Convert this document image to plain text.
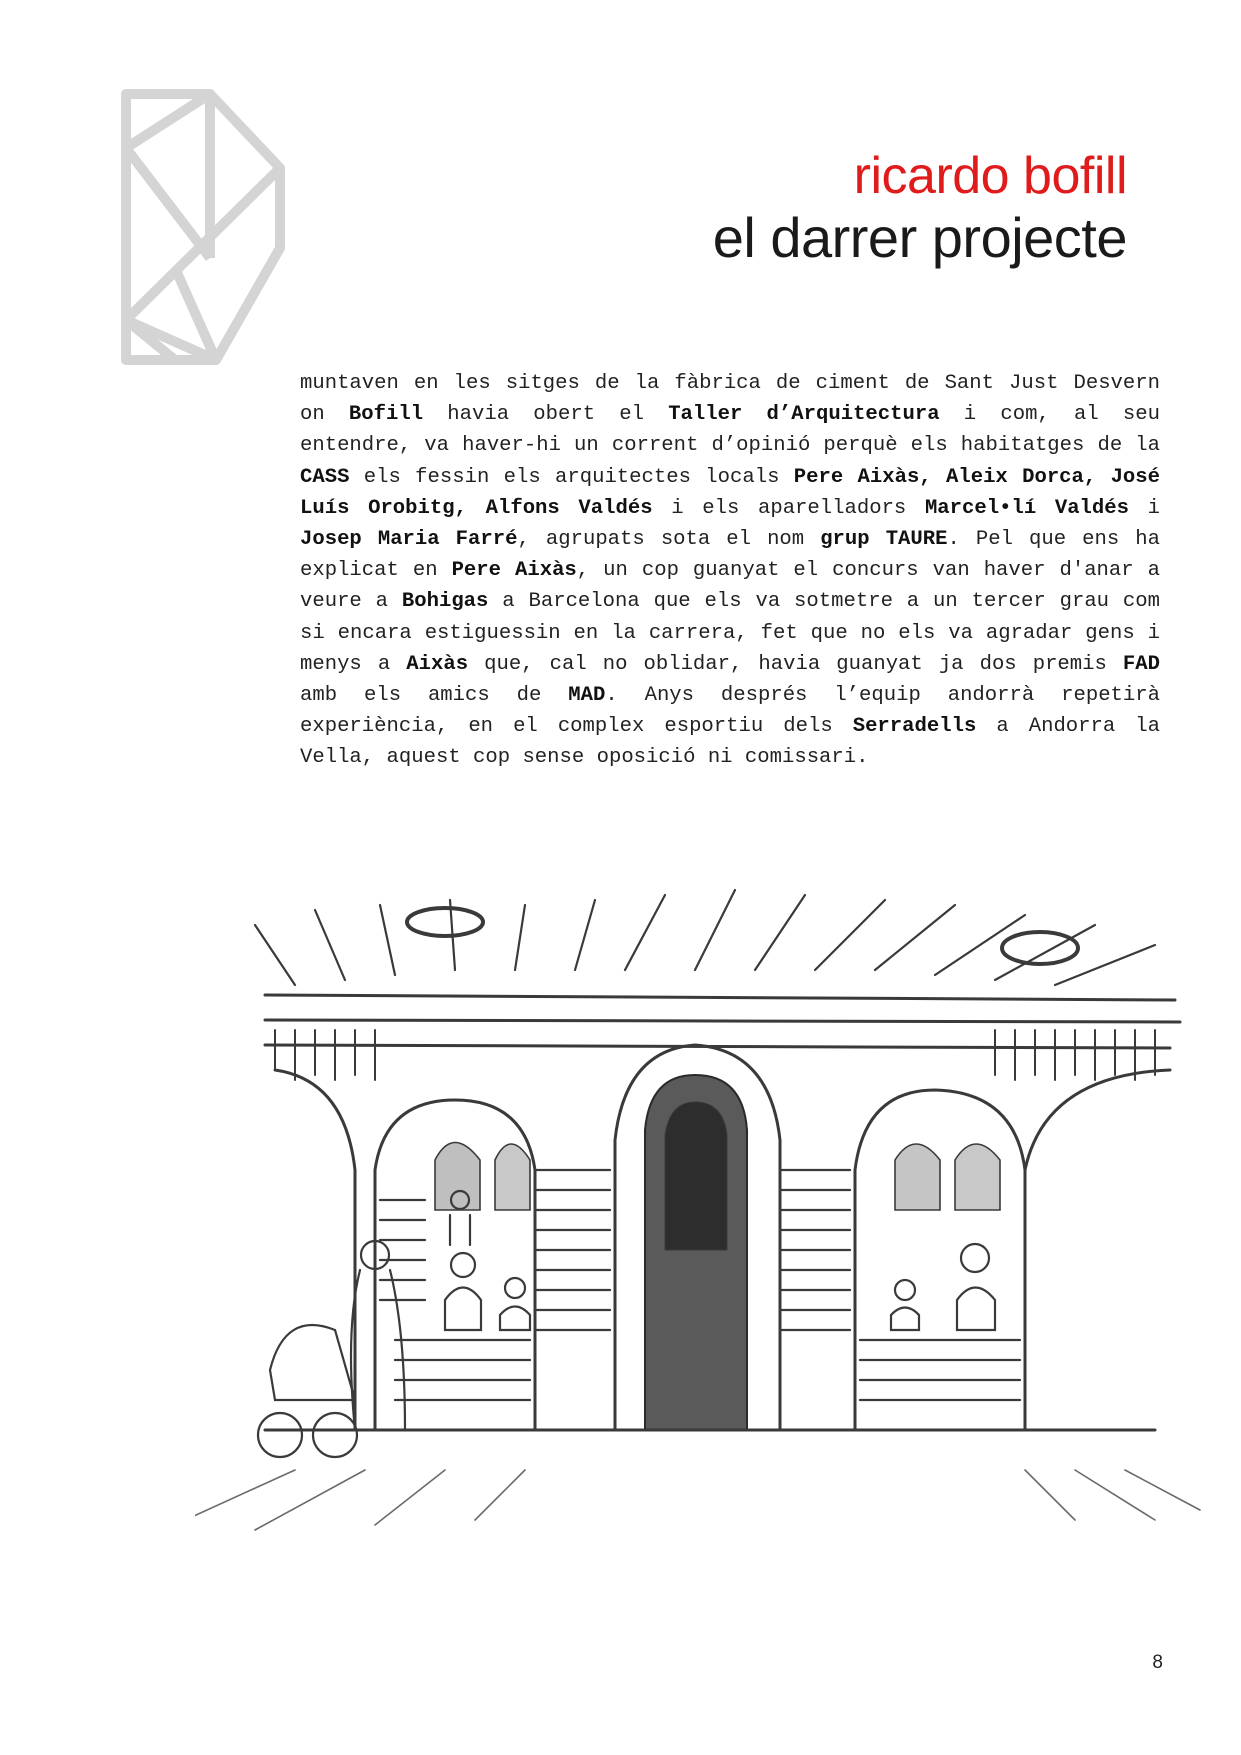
ricardo bofill
el darrer projecte
muntaven en les sitges de la fàbrica de ciment de Sant Just Desvern on Bofill havia obert el Taller d’Arquitectura i com, al seu entendre, va haver-hi un corrent d’opinió perquè els habitatges de la CASS els fessin els arquitectes locals Pere Aixàs, Aleix Dorca, José Luís Orobitg, Alfons Valdés i els aparelladors Marcel•lí Valdés i Josep Maria Farré, agrupats sota el nom grup TAURE. Pel que ens ha explicat en Pere Aixàs, un cop guanyat el concurs van haver d'anar a veure a Bohigas a Barcelona que els va sotmetre a un tercer grau com si encara estiguessin en la carrera, fet que no els va agradar gens i menys a Aixàs que, cal no oblidar, havia guanyat ja dos premis FAD amb els amics de MAD. Anys després l’equip andorrà repetirà experiència, en el complex esportiu dels Serradells a Andorra la Vella, aquest cop sense oposició ni comissari.
8
